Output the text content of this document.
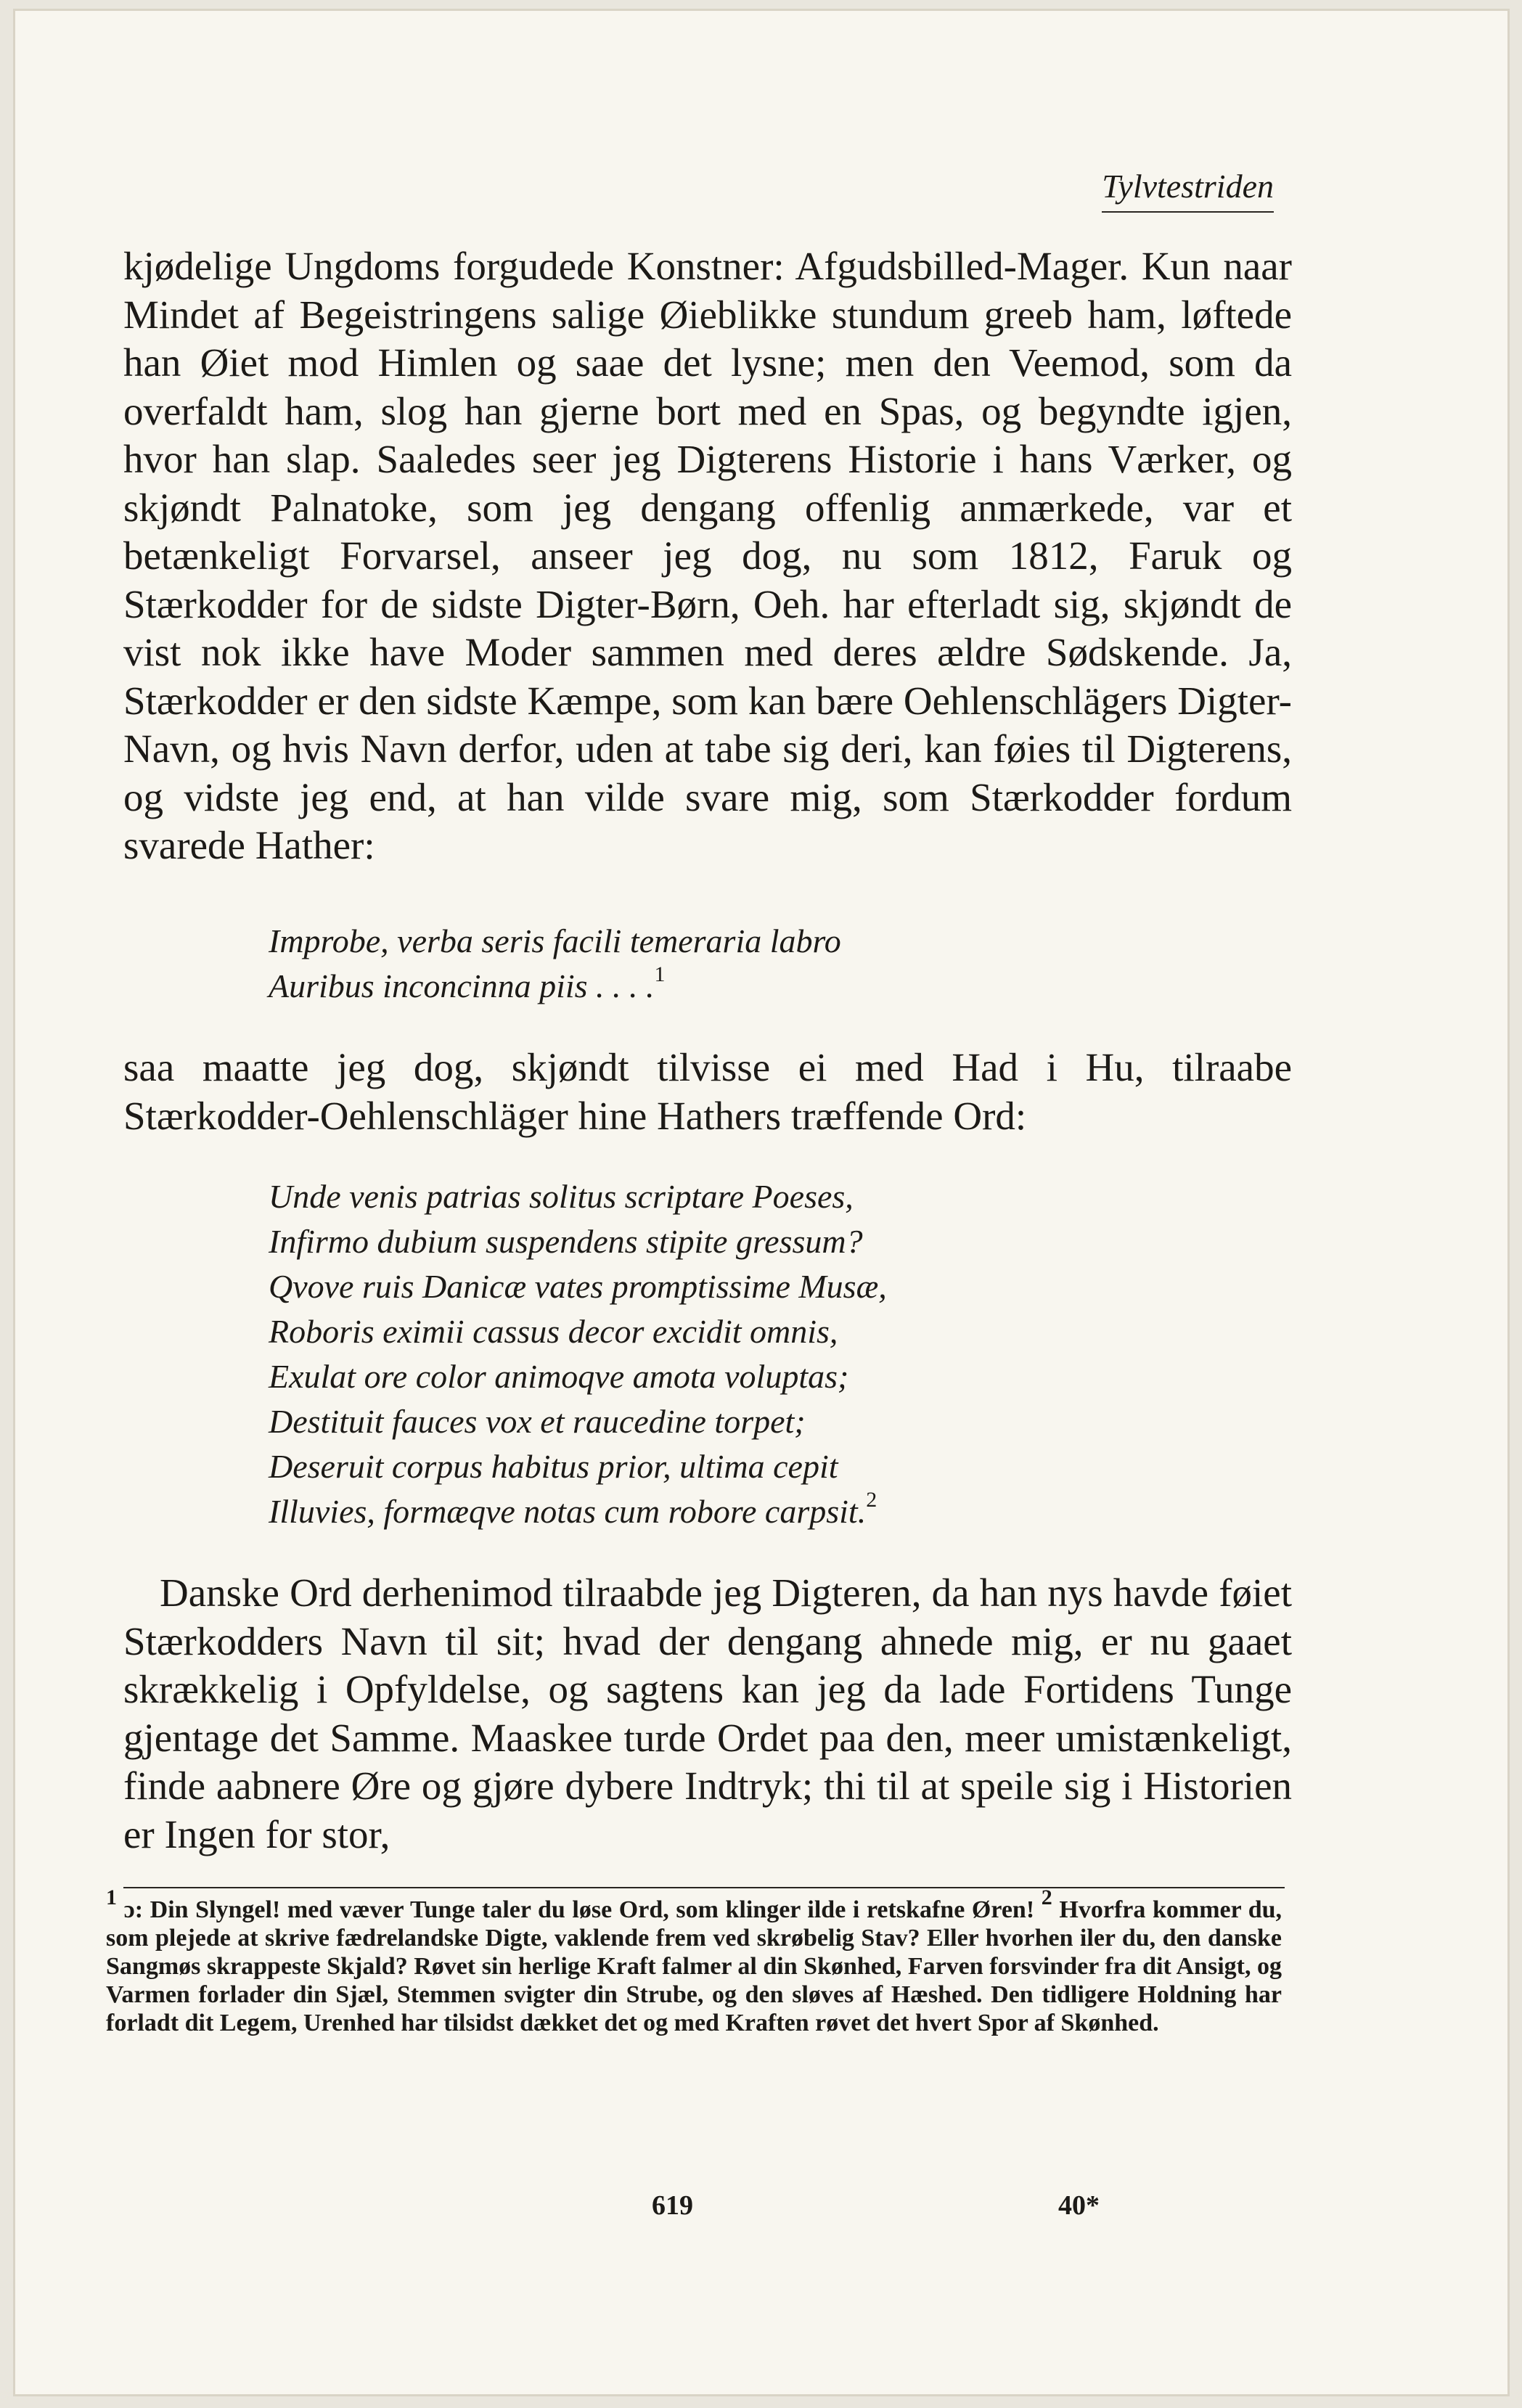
Tylvtestriden

kjødelige Ungdoms forgudede Konstner: Afgudsbilled-Mager. Kun naar Mindet af Begeistringens salige Øieblikke stundum greeb ham, løftede han Øiet mod Himlen og saae det lysne; men den Veemod, som da overfaldt ham, slog han gjerne bort med en Spas, og begyndte igjen, hvor han slap. Saaledes seer jeg Digterens Historie i hans Værker, og skjøndt Palnatoke, som jeg dengang offenlig anmærkede, var et betænkeligt Forvarsel, anseer jeg dog, nu som 1812, Faruk og Stærkodder for de sidste Digter-Børn, Oeh. har efterladt sig, skjøndt de vist nok ikke have Moder sammen med deres ældre Sødskende. Ja, Stærkodder er den sidste Kæmpe, som kan bære Oehlenschlägers Digter-Navn, og hvis Navn derfor, uden at tabe sig deri, kan føies til Digterens, og vidste jeg end, at han vilde svare mig, som Stærkodder fordum svarede Hather:

Improbe, verba seris facili temeraria labro
Auribus inconcinna piis . . . .$^1$

saa maatte jeg dog, skjøndt tilvisse ei med Had i Hu, tilraabe Stærkodder-Oehlenschläger hine Hathers træffende Ord:

Unde venis patrias solitus scriptare Poeses,
Infirmo dubium suspendens stipite gressum?
Qvove ruis Danicæ vates promptissime Musæ,
Roboris eximii cassus decor excidit omnis,
Exulat ore color animoqve amota voluptas;
Destituit fauces vox et raucedine torpet;
Deseruit corpus habitus prior, ultima cepit
Illuvies, formæqve notas cum robore carpsit.$^2$

Danske Ord derhenimod tilraabde jeg Digteren, da han nys havde føiet Stærkodders Navn til sit; hvad der dengang ahnede mig, er nu gaaet skrækkelig i Opfyldelse, og sagtens kan jeg da lade Fortidens Tunge gjentage det Samme. Maaskee turde Ordet paa den, meer umistænkeligt, finde aabnere Øre og gjøre dybere Indtryk; thi til at speile sig i Historien er Ingen for stor,

$^1$ ɔ: Din Slyngel! med væver Tunge taler du løse Ord, som klinger ilde i retskafne Øren! $^2$ Hvorfra kommer du, som plejede at skrive fædrelandske Digte, vaklende frem ved skrøbelig Stav? Eller hvorhen iler du, den danske Sangmøs skrappeste Skjald? Røvet sin herlige Kraft falmer al din Skønhed, Farven forsvinder fra dit Ansigt, og Varmen forlader din Sjæl, Stemmen svigter din Strube, og den sløves af Hæshed. Den tidligere Holdning har forladt dit Legem, Urenhed har tilsidst dækket det og med Kraften røvet det hvert Spor af Skønhed.
619	40*
